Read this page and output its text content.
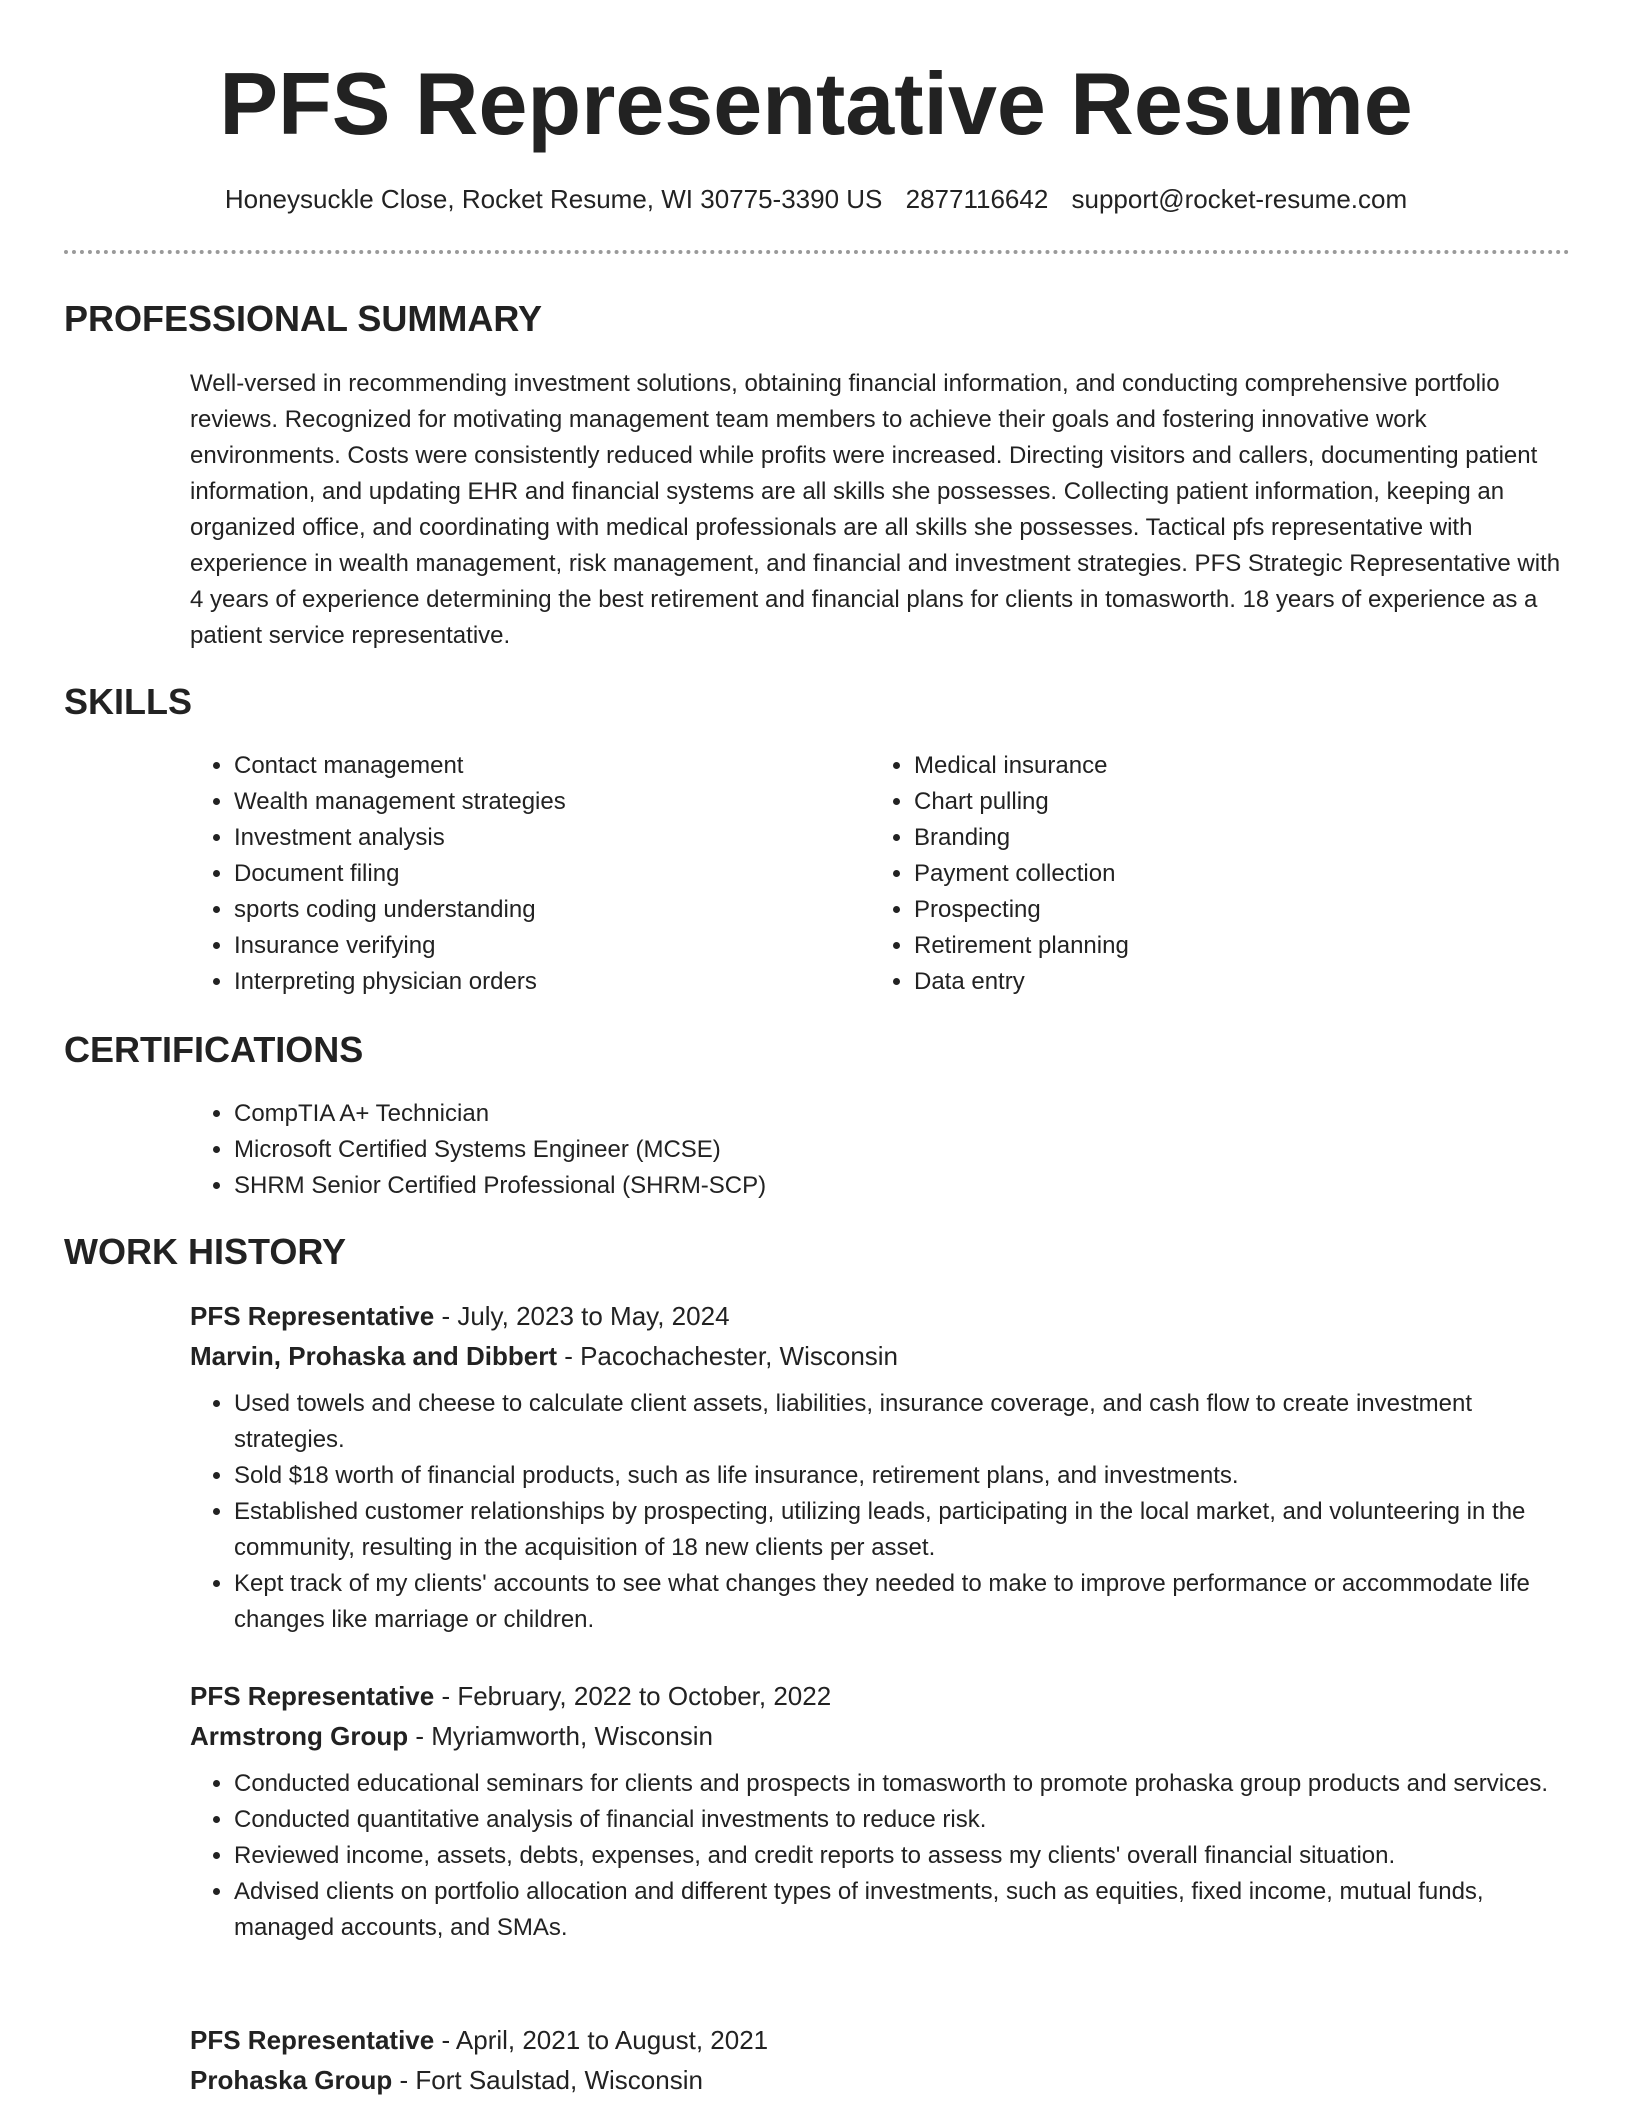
PFS Representative Resume
Honeysuckle Close, Rocket Resume, WI 30775-3390 US 2877116642 support@rocket-resume.com
PROFESSIONAL SUMMARY

Well-versed in recommending investment solutions, obtaining financial information, and conducting comprehensive portfolio reviews. Recognized for motivating management team members to achieve their goals and fostering innovative work environments. Costs were consistently reduced while profits were increased. Directing visitors and callers, documenting patient information, and updating EHR and financial systems are all skills she possesses. Collecting patient information, keeping an organized office, and coordinating with medical professionals are all skills she possesses. Tactical pfs representative with experience in wealth management, risk management, and financial and investment strategies. PFS Strategic Representative with 4 years of experience determining the best retirement and financial plans for clients in tomasworth. 18 years of experience as a patient service representative.

SKILLS
• Contact management
• Wealth management strategies
• Investment analysis
• Document filing
• sports coding understanding
• Insurance verifying
• Interpreting physician orders
• Medical insurance
• Chart pulling
• Branding
• Payment collection
• Prospecting
• Retirement planning
• Data entry
CERTIFICATIONS
• CompTIA A+ Technician
• Microsoft Certified Systems Engineer (MCSE)
• SHRM Senior Certified Professional (SHRM-SCP)
WORK HISTORY
PFS Representative - July, 2023 to May, 2024
Marvin, Prohaska and Dibbert - Pacochachester, Wisconsin
• Used towels and cheese to calculate client assets, liabilities, insurance coverage, and cash flow to create investment strategies.
• Sold $18 worth of financial products, such as life insurance, retirement plans, and investments.
• Established customer relationships by prospecting, utilizing leads, participating in the local market, and volunteering in the community, resulting in the acquisition of 18 new clients per asset.
• Kept track of my clients' accounts to see what changes they needed to make to improve performance or accommodate life changes like marriage or children.
PFS Representative - February, 2022 to October, 2022
Armstrong Group - Myriamworth, Wisconsin
• Conducted educational seminars for clients and prospects in tomasworth to promote prohaska group products and services.
• Conducted quantitative analysis of financial investments to reduce risk.
• Reviewed income, assets, debts, expenses, and credit reports to assess my clients' overall financial situation.
• Advised clients on portfolio allocation and different types of investments, such as equities, fixed income, mutual funds, managed accounts, and SMAs.
PFS Representative - April, 2021 to August, 2021
Prohaska Group - Fort Saulstad, Wisconsin
